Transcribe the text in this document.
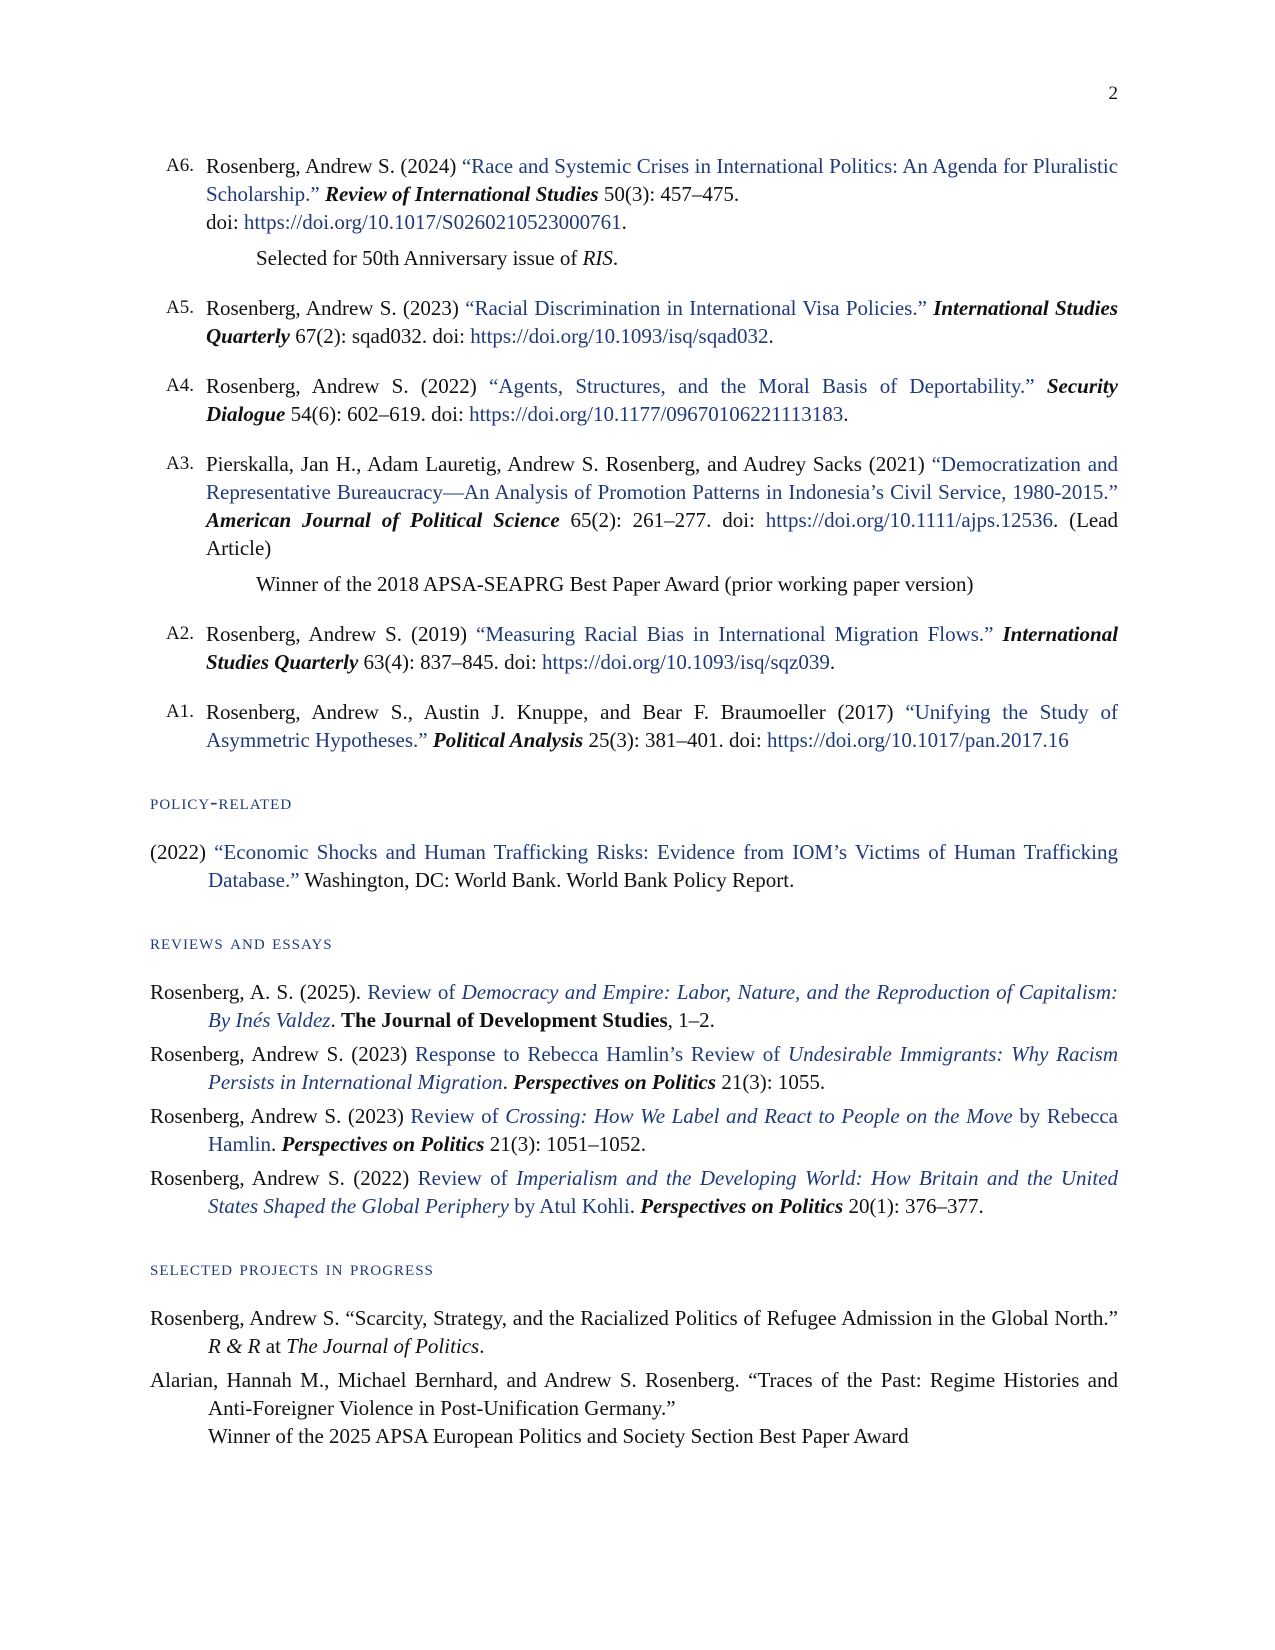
2
A6. Rosenberg, Andrew S. (2024) “Race and Systemic Crises in International Politics: An Agenda for Pluralistic Scholarship.” Review of International Studies 50(3): 457–475.
doi: https://doi.org/10.1017/S0260210523000761.
Selected for 50th Anniversary issue of RIS.
A5. Rosenberg, Andrew S. (2023) “Racial Discrimination in International Visa Policies.” International Studies Quarterly 67(2): sqad032. doi: https://doi.org/10.1093/isq/sqad032.
A4. Rosenberg, Andrew S. (2022) “Agents, Structures, and the Moral Basis of Deportability.” Security Dialogue 54(6): 602–619. doi: https://doi.org/10.1177/09670106221113183.
A3. Pierskalla, Jan H., Adam Lauretig, Andrew S. Rosenberg, and Audrey Sacks (2021) “Democratization and Representative Bureaucracy—An Analysis of Promotion Patterns in Indonesia’s Civil Service, 1980-2015.” American Journal of Political Science 65(2): 261–277. doi: https://doi.org/10.1111/ajps.12536. (Lead Article)
Winner of the 2018 APSA-SEAPRG Best Paper Award (prior working paper version)
A2. Rosenberg, Andrew S. (2019) “Measuring Racial Bias in International Migration Flows.” International Studies Quarterly 63(4): 837–845. doi: https://doi.org/10.1093/isq/sqz039.
A1. Rosenberg, Andrew S., Austin J. Knuppe, and Bear F. Braumoeller (2017) “Unifying the Study of Asymmetric Hypotheses.” Political Analysis 25(3): 381–401. doi: https://doi.org/10.1017/pan.2017.16
policy-related
(2022) “Economic Shocks and Human Trafficking Risks: Evidence from IOM’s Victims of Human Trafficking Database.” Washington, DC: World Bank. World Bank Policy Report.
reviews and essays
Rosenberg, A. S. (2025). Review of Democracy and Empire: Labor, Nature, and the Reproduction of Capitalism: By Inés Valdez. The Journal of Development Studies, 1–2.
Rosenberg, Andrew S. (2023) Response to Rebecca Hamlin’s Review of Undesirable Immigrants: Why Racism Persists in International Migration. Perspectives on Politics 21(3): 1055.
Rosenberg, Andrew S. (2023) Review of Crossing: How We Label and React to People on the Move by Rebecca Hamlin. Perspectives on Politics 21(3): 1051–1052.
Rosenberg, Andrew S. (2022) Review of Imperialism and the Developing World: How Britain and the United States Shaped the Global Periphery by Atul Kohli. Perspectives on Politics 20(1): 376–377.
selected projects in progress
Rosenberg, Andrew S. “Scarcity, Strategy, and the Racialized Politics of Refugee Admission in the Global North.” R & R at The Journal of Politics.
Alarian, Hannah M., Michael Bernhard, and Andrew S. Rosenberg. “Traces of the Past: Regime Histories and Anti-Foreigner Violence in Post-Unification Germany.”
Winner of the 2025 APSA European Politics and Society Section Best Paper Award
